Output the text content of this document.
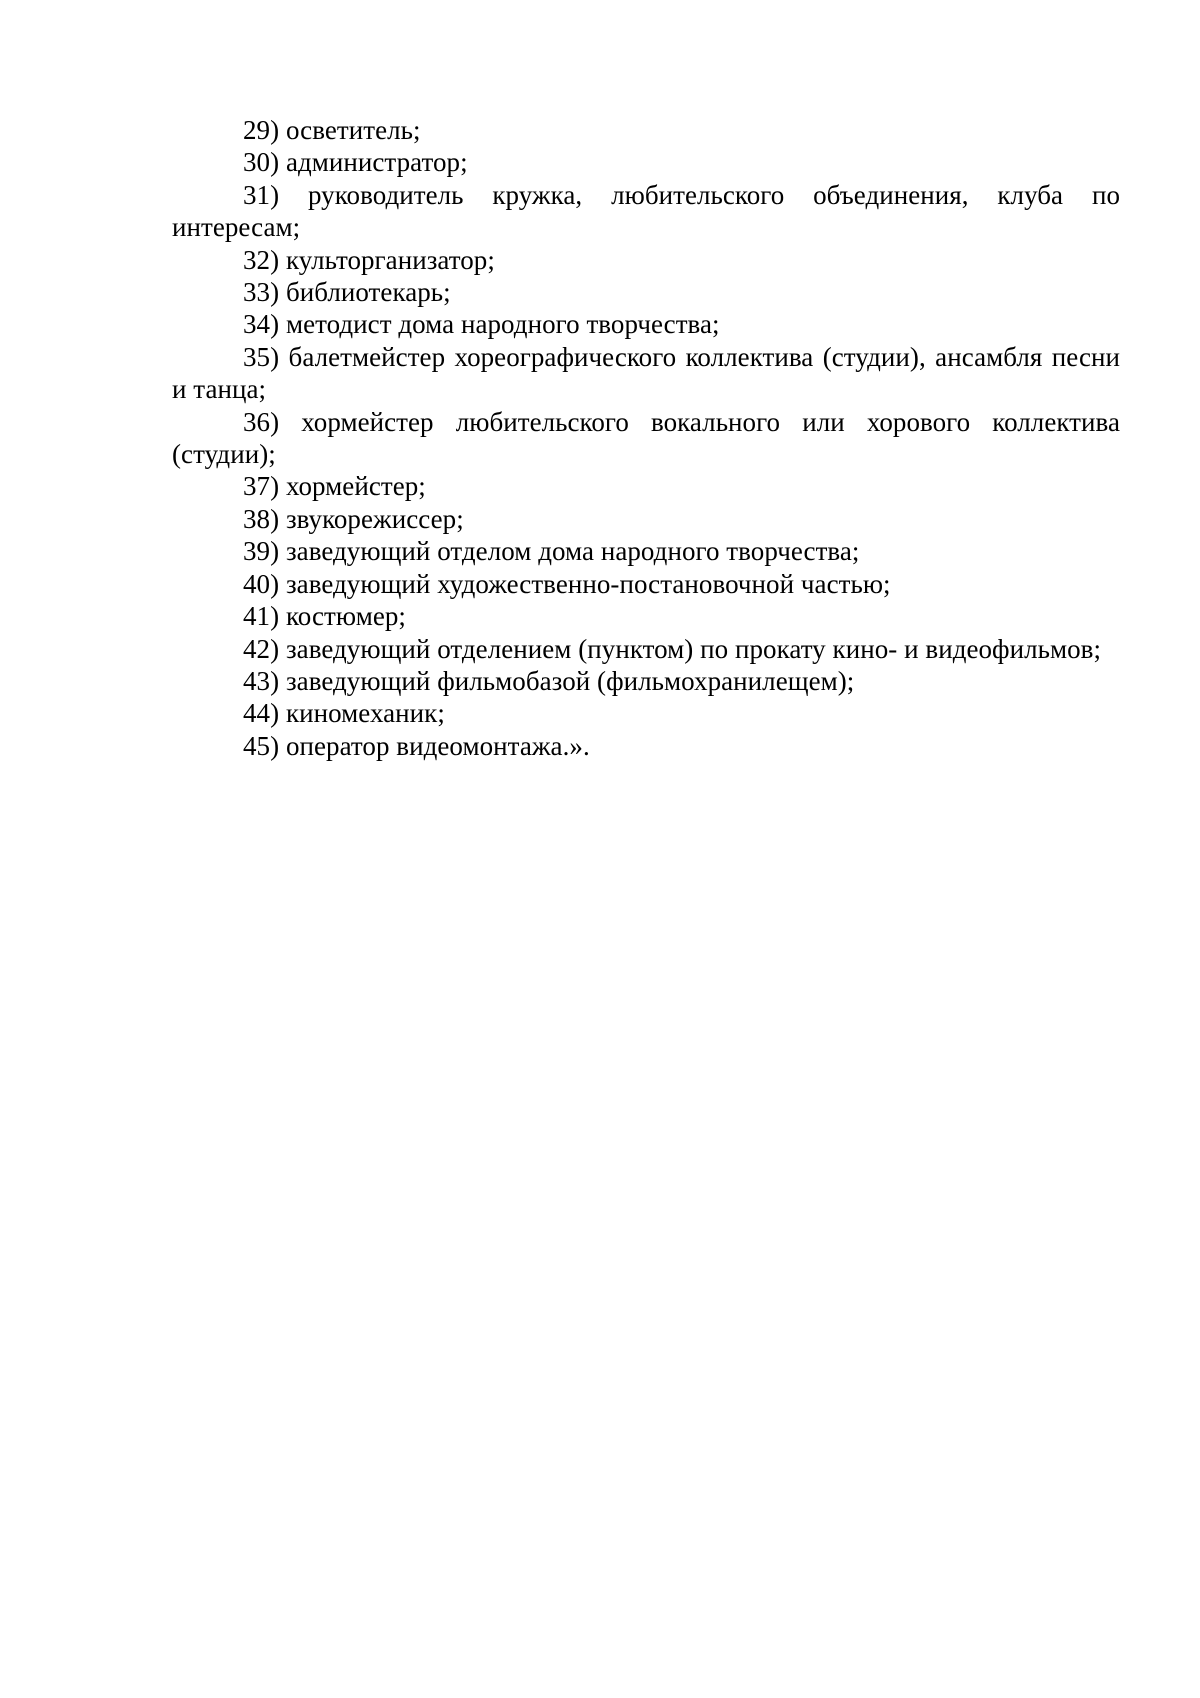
29) осветитель;

30) администратор;

31) руководитель кружка, любительского объединения, клуба по интересам;

32) культорганизатор;

33) библиотекарь;

34) методист дома народного творчества;

35) балетмейстер хореографического коллектива (студии), ансамбля песни и танца;

36) хормейстер любительского вокального или хорового коллектива (студии);

37) хормейстер;

38) звукорежиссер;

39) заведующий отделом дома народного творчества;

40) заведующий художественно-постановочной частью;

41) костюмер;

42) заведующий отделением (пунктом) по прокату кино- и видеофильмов;

43) заведующий фильмобазой (фильмохранилещем);

44) киномеханик;

45) оператор видеомонтажа.».
